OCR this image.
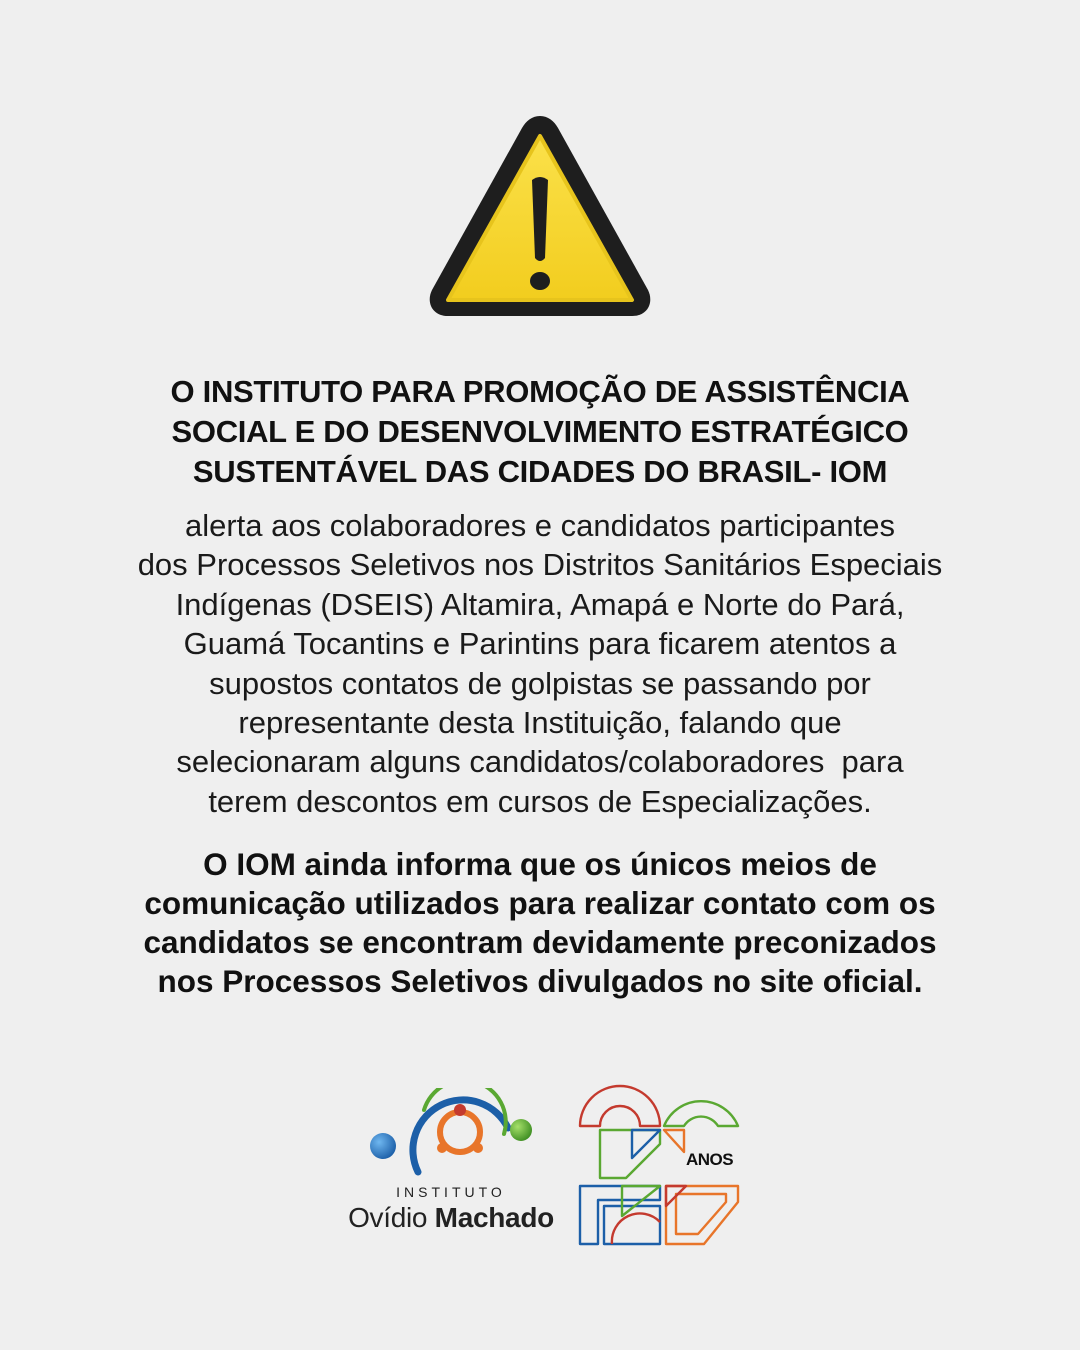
O INSTITUTO PARA PROMOÇÃO DE ASSISTÊNCIA
SOCIAL E DO DESENVOLVIMENTO ESTRATÉGICO
SUSTENTÁVEL DAS CIDADES DO BRASIL- IOM
alerta aos colaboradores e candidatos participantes
dos Processos Seletivos nos Distritos Sanitários Especiais
Indígenas (DSEIS) Altamira, Amapá e Norte do Pará,
Guamá Tocantins e Parintins para ficarem atentos a
supostos contatos de golpistas se passando por
representante desta Instituição, falando que
selecionaram alguns candidatos/colaboradores  para
terem descontos em cursos de Especializações.
O IOM ainda informa que os únicos meios de
comunicação utilizados para realizar contato com os
candidatos se encontram devidamente preconizados
nos Processos Seletivos divulgados no site oficial.
INSTITUTO
Ovídio Machado
ANOS
